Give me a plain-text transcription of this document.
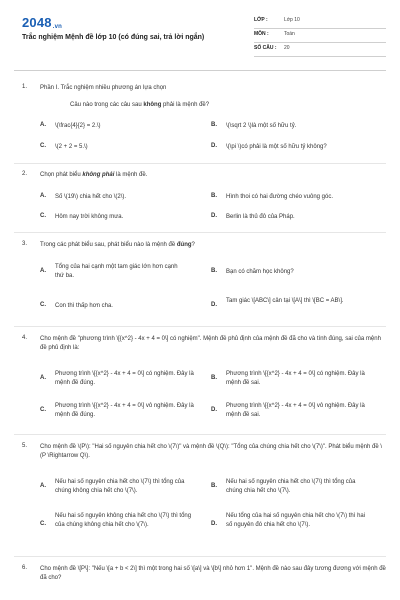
2048.vn
Trắc nghiệm Mệnh đề lớp 10 (có đúng sai, trả lời ngắn)
LỚP :	Lớp 10
MÔN :	Toán
SỐ CÂU : 20
1. Phần I. Trắc nghiệm nhiều phương án lựa chọn
Câu nào trong các câu sau không phải là mệnh đề?
A. \(\frac{4}{2} = 2.\)	B. \(\sqrt 2 \)là một số hữu tỷ.
C. \(2 + 2 = 5.\)	D. \(\pi \)có phải là một số hữu tỷ không?
2. Chọn phát biểu không phải là mệnh đề.
A. Số \(19\) chia hết cho \(2\).	B. Hình thoi có hai đường chéo vuông góc.
C. Hôm nay trời không mưa.	D. Berlin là thủ đô của Pháp.
3. Trong các phát biểu sau, phát biểu nào là mệnh đề đúng?
A.
Tổng của hai cạnh một tam giác lớn hơn cạnh thứ ba.
B. Bạn có chăm học không?
C. Con thì thấp hơn cha.	D.
Tam giác \[ABC\] cân tại \[A\] thì \[BC = AB\].
4. Cho mệnh đề "phương trình \[{x^2} - 4x + 4 = 0\] có nghiệm". Mệnh đề phủ định của mệnh đề đã cho và tính đúng, sai của mệnh đề phủ định là:
A.
Phương trình \[{x^2} - 4x + 4 = 0\] có nghiệm. Đây là mệnh đề đúng.
B.
Phương trình \[{x^2} - 4x + 4 = 0\] có nghiệm. Đây là mệnh đề sai.
C.
Phương trình \[{x^2} - 4x + 4 = 0\] vô nghiệm. Đây là mệnh đề đúng.
D.
Phương trình \[{x^2} - 4x + 4 = 0\] vô nghiệm. Đây là mệnh đề sai.
5. Cho mệnh đề \(P\): "Hai số nguyên chia hết cho \(7\)" và mệnh đề \(Q\): "Tổng của chúng chia hết cho \(7\)". Phát biểu mệnh đề \(P \Rightarrow Q\).
A.
Nếu hai số nguyên chia hết cho \(7\) thì tổng của chúng không chia hết cho \(7\).
B.
Nếu hai số nguyên chia hết cho \(7\) thì tổng của chúng chia hết cho \(7\).
C.
Nếu hai số nguyên không chia hết cho \(7\) thì tổng của chúng không chia hết cho \(7\).	D.
Nếu tổng của hai số nguyên chia hết cho \(7\) thì hai số nguyên đó chia hết cho \(7\).
6. Cho mệnh đề \[P\]: "Nếu \[a + b < 2\] thì một trong hai số \[a\] và \[b\] nhỏ hơn 1". Mệnh đề nào sau đây tương đương với mệnh đề đã cho?
